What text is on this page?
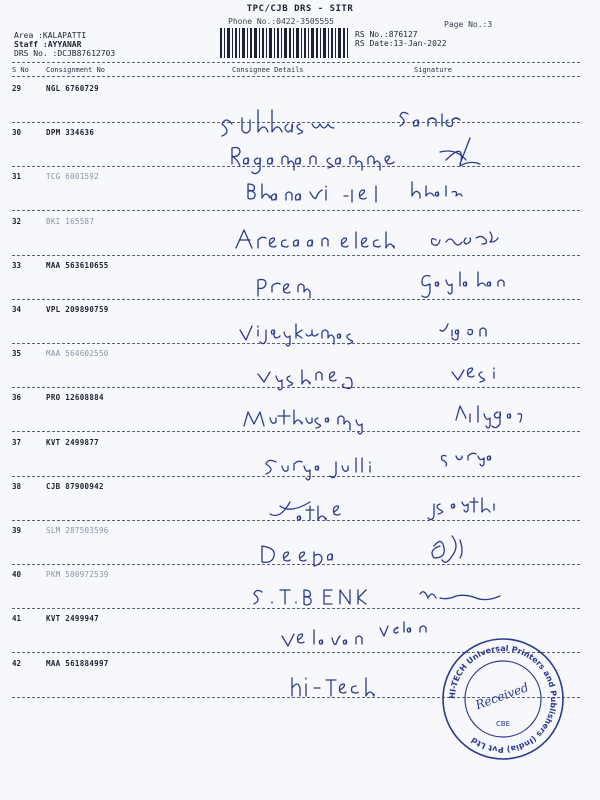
TPC/CJB DRS - SITR
Phone No.:0422-3505555	Page No.:3
Area :KALAPATTI
Staff :AYYANAR
DRS No. :DCJB87612703
RS No.:876127
RS Date:13-Jan-2022
S No Consignment No	Consignee Details	Signature
29	NGL 6760729
30	DPM 334636
31	TCG 6001592
32	BKI 165587
33	MAA 563610655
34	VPL 209890759
35	MAA 564602550
36	PRO 12608884
37	KVT 2499877
38	CJB 87900942
39	SLM 287503596
40	PKM 500972539
41	KVT 2499947
42	MAA 561884997
HI-TECH Universal Printers and Publishers (India) Pvt Ltd
Received
CBE
